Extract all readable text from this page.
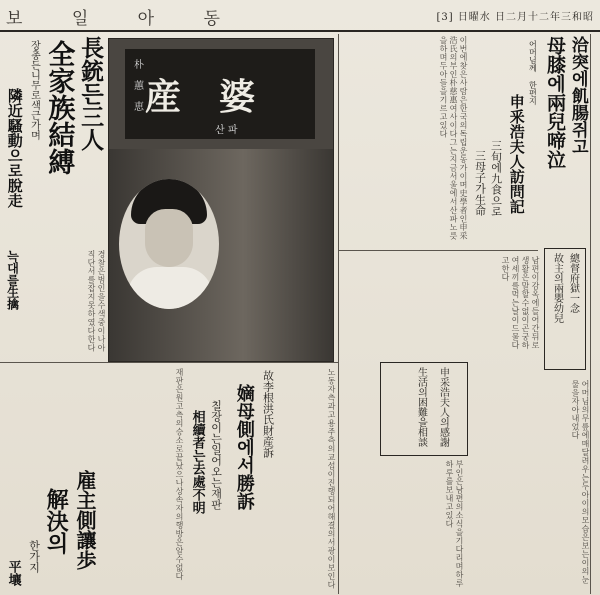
보 일 아 동	[3] 日曜水 日二月十二年三和昭
洽突에飢腸쥐고
母膝에兩兒啼泣
어머님께 한편지
申釆浩夫人訪問記
三旬에九食으로
三母子가生命
總督府獄一念
故主의兩嬰幼兒
이번에찾은사람은한국의독립운동가이며史學者인申采浩氏의부인朴慈惠여사이다그는지금서울에서산파노릇을하며두아들을기르고있다
남편이감옥에들어간뒤로생활은말할수없이곤궁하여세끼를먹는날이드물다고한다
어머님의무릎에매달려우는두아이의모습은보는이의눈물을자아내었다
부인은남편의소식을기다리며하루하루를보내고있다
申采浩夫人의感謝
生活의困難을相談
産婆
朴 蕙 恵
산 파
長銃든三人
全家族結縛
장총든니무로색근가며
隣近騷動으로脫走
늑대를生擒	경찰은범인을수색중이나아직단서를잡지못하였다한다
故李根洪氏財産訴
嫡母側에서勝訴
칠장이는일어오는재판
相續者는去處不明
재판은원고측의승소로끝났으나상속자의행방은알수없다	노동자측과고용주측의교섭이진행되어해결의서광이보인다
雇主側讓歩
解決의
한가지
平壤
